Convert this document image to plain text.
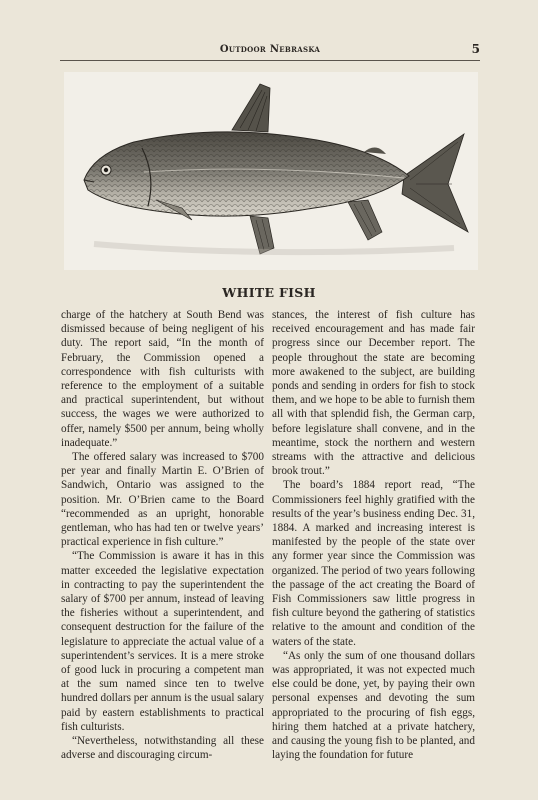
Outdoor Nebraska	5
WHITE FISH

charge of the hatchery at South Bend was dismissed because of being negligent of his duty. The report said, “In the month of February, the Commission opened a correspondence with fish culturists with reference to the employment of a suitable and practical superintendent, but without success, the wages we were authorized to offer, namely $500 per annum, being wholly inadequate.”

The offered salary was increased to $700 per year and finally Martin E. O’Brien of Sandwich, Ontario was assigned to the position. Mr. O’Brien came to the Board “recommended as an upright, honorable gentleman, who has had ten or twelve years’ practical experience in fish culture.”

“The Commission is aware it has in this matter exceeded the legislative expectation in contracting to pay the superintendent the salary of $700 per annum, instead of leaving the fisheries without a superintendent, and consequent destruction for the failure of the legislature to appreciate the actual value of a superintendent’s services. It is a mere stroke of good luck in procuring a competent man at the sum named since ten to twelve hundred dollars per annum is the usual salary paid by eastern establishments to practical fish culturists.

“Nevertheless, notwithstanding all these adverse and discouraging circum-

stances, the interest of fish culture has received encouragement and has made fair progress since our December report. The people throughout the state are becoming more awakened to the subject, are building ponds and sending in orders for fish to stock them, and we hope to be able to furnish them all with that splendid fish, the German carp, before legislature shall convene, and in the meantime, stock the northern and western streams with the attractive and delicious brook trout.”

The board’s 1884 report read, “The Commissioners feel highly gratified with the results of the year’s business ending Dec. 31, 1884. A marked and increasing interest is manifested by the people of the state over any former year since the Commission was organized. The period of two years following the passage of the act creating the Board of Fish Commissioners saw little progress in fish culture beyond the gathering of statistics relative to the amount and condition of the waters of the state.

“As only the sum of one thousand dollars was appropriated, it was not expected much else could be done, yet, by paying their own personal expenses and devoting the sum appropriated to the procuring of fish eggs, hiring them hatched at a private hatchery, and causing the young fish to be planted, and laying the foundation for future
